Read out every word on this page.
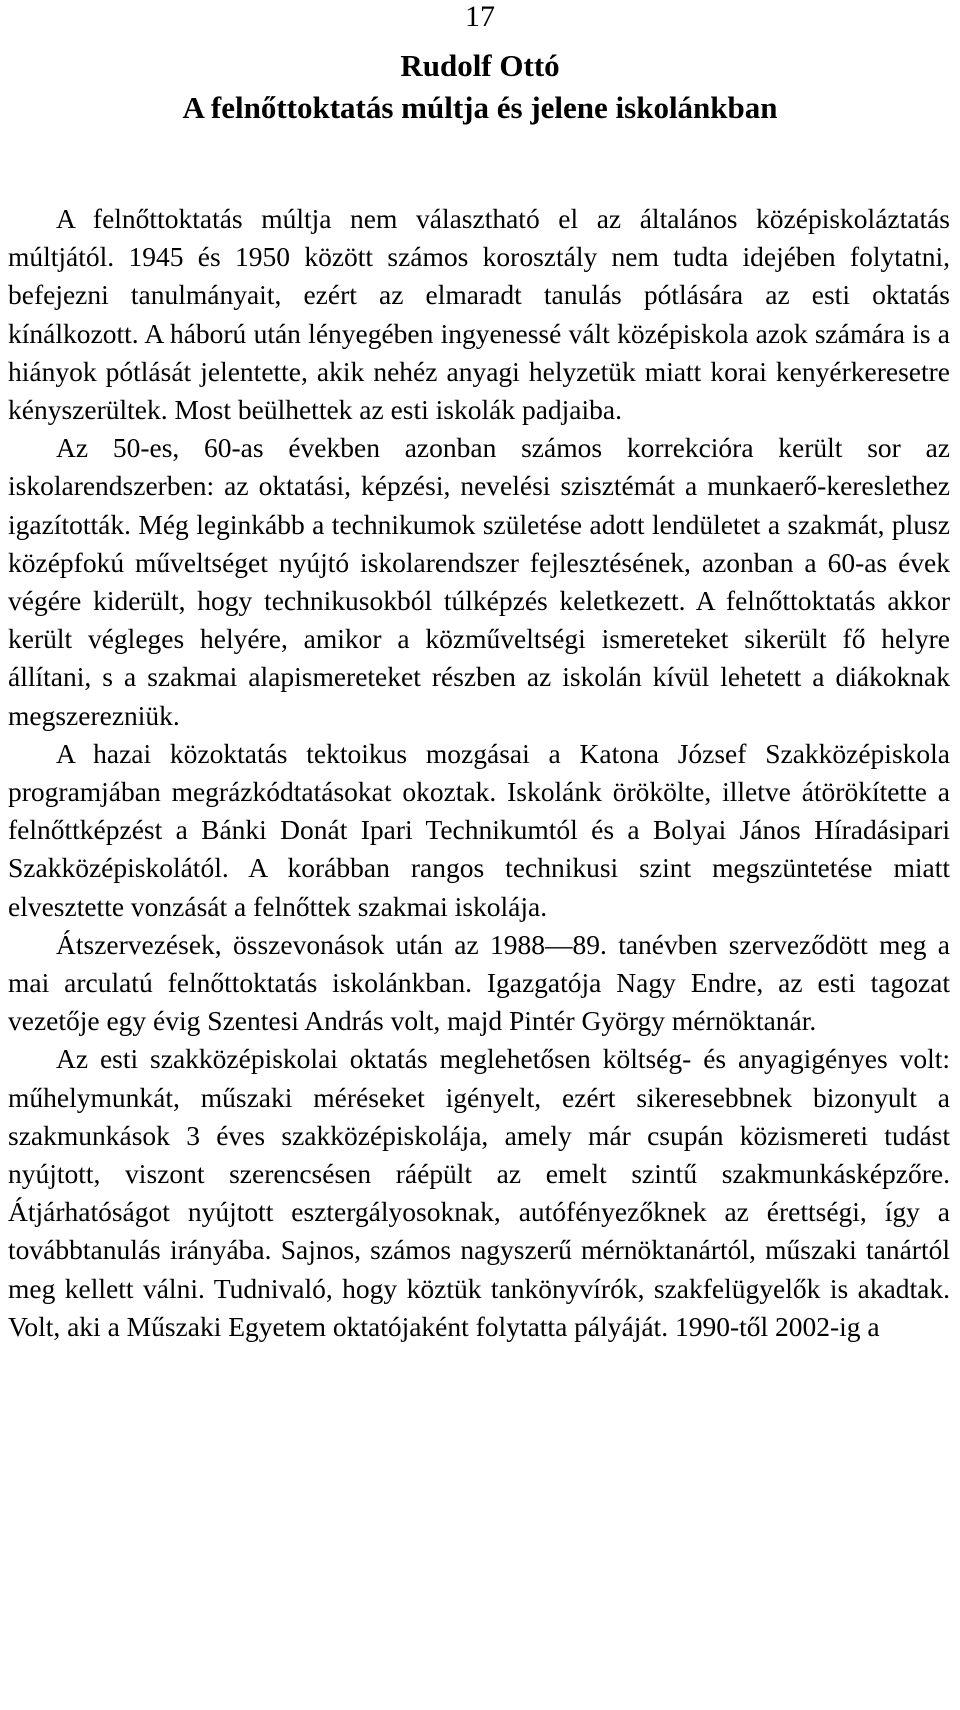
17
Rudolf Ottó
A felnőttoktatás múltja és jelene iskolánkban

A felnőttoktatás múltja nem választható el az általános középiskoláztatás múltjától. 1945 és 1950 között számos korosztály nem tudta idejében folytatni, befejezni tanulmányait, ezért az elmaradt tanulás pótlására az esti oktatás kínálkozott. A háború után lényegében ingyenessé vált középiskola azok számára is a hiányok pótlását jelentette, akik nehéz anyagi helyzetük miatt korai kenyérkeresetre kényszerültek. Most beülhettek az esti iskolák padjaiba.

Az 50-es, 60-as években azonban számos korrekcióra került sor az iskolarendszerben: az oktatási, képzési, nevelési szisztémát a munkaerő-kereslethez igazították. Még leginkább a technikumok születése adott lendületet a szakmát, plusz középfokú műveltséget nyújtó iskolarendszer fejlesztésének, azonban a 60-as évek végére kiderült, hogy technikusokból túlképzés keletkezett. A felnőttoktatás akkor került végleges helyére, amikor a közműveltségi ismereteket sikerült fő helyre állítani, s a szakmai alapismereteket részben az iskolán kívül lehetett a diákoknak megszerezniük.

A hazai közoktatás tektoikus mozgásai a Katona József Szakközépiskola programjában megrázkódtatásokat okoztak. Iskolánk örökölte, illetve átörökítette a felnőttképzést a Bánki Donát Ipari Technikumtól és a Bolyai János Híradásipari Szakközépiskolától. A korábban rangos technikusi szint megszüntetése miatt elvesztette vonzását a felnőttek szakmai iskolája.

Átszervezések, összevonások után az 1988—89. tanévben szerveződött meg a mai arculatú felnőttoktatás iskolánkban. Igazgatója Nagy Endre, az esti tagozat vezetője egy évig Szentesi András volt, majd Pintér György mérnöktanár.

Az esti szakközépiskolai oktatás meglehetősen költség- és anyagigényes volt: műhelymunkát, műszaki méréseket igényelt, ezért sikeresebbnek bizonyult a szakmunkások 3 éves szakközépiskolája, amely már csupán közismereti tudást nyújtott, viszont szerencsésen ráépült az emelt szintű szakmunkásképzőre. Átjárhatóságot nyújtott esztergályosoknak, autófényezőknek az érettségi, így a továbbtanulás irányába. Sajnos, számos nagyszerű mérnöktanártól, műszaki tanártól meg kellett válni. Tudnivaló, hogy köztük tankönyvírók, szakfelügyelők is akadtak. Volt, aki a Műszaki Egyetem oktatójaként folytatta pályáját. 1990-től 2002-ig a
